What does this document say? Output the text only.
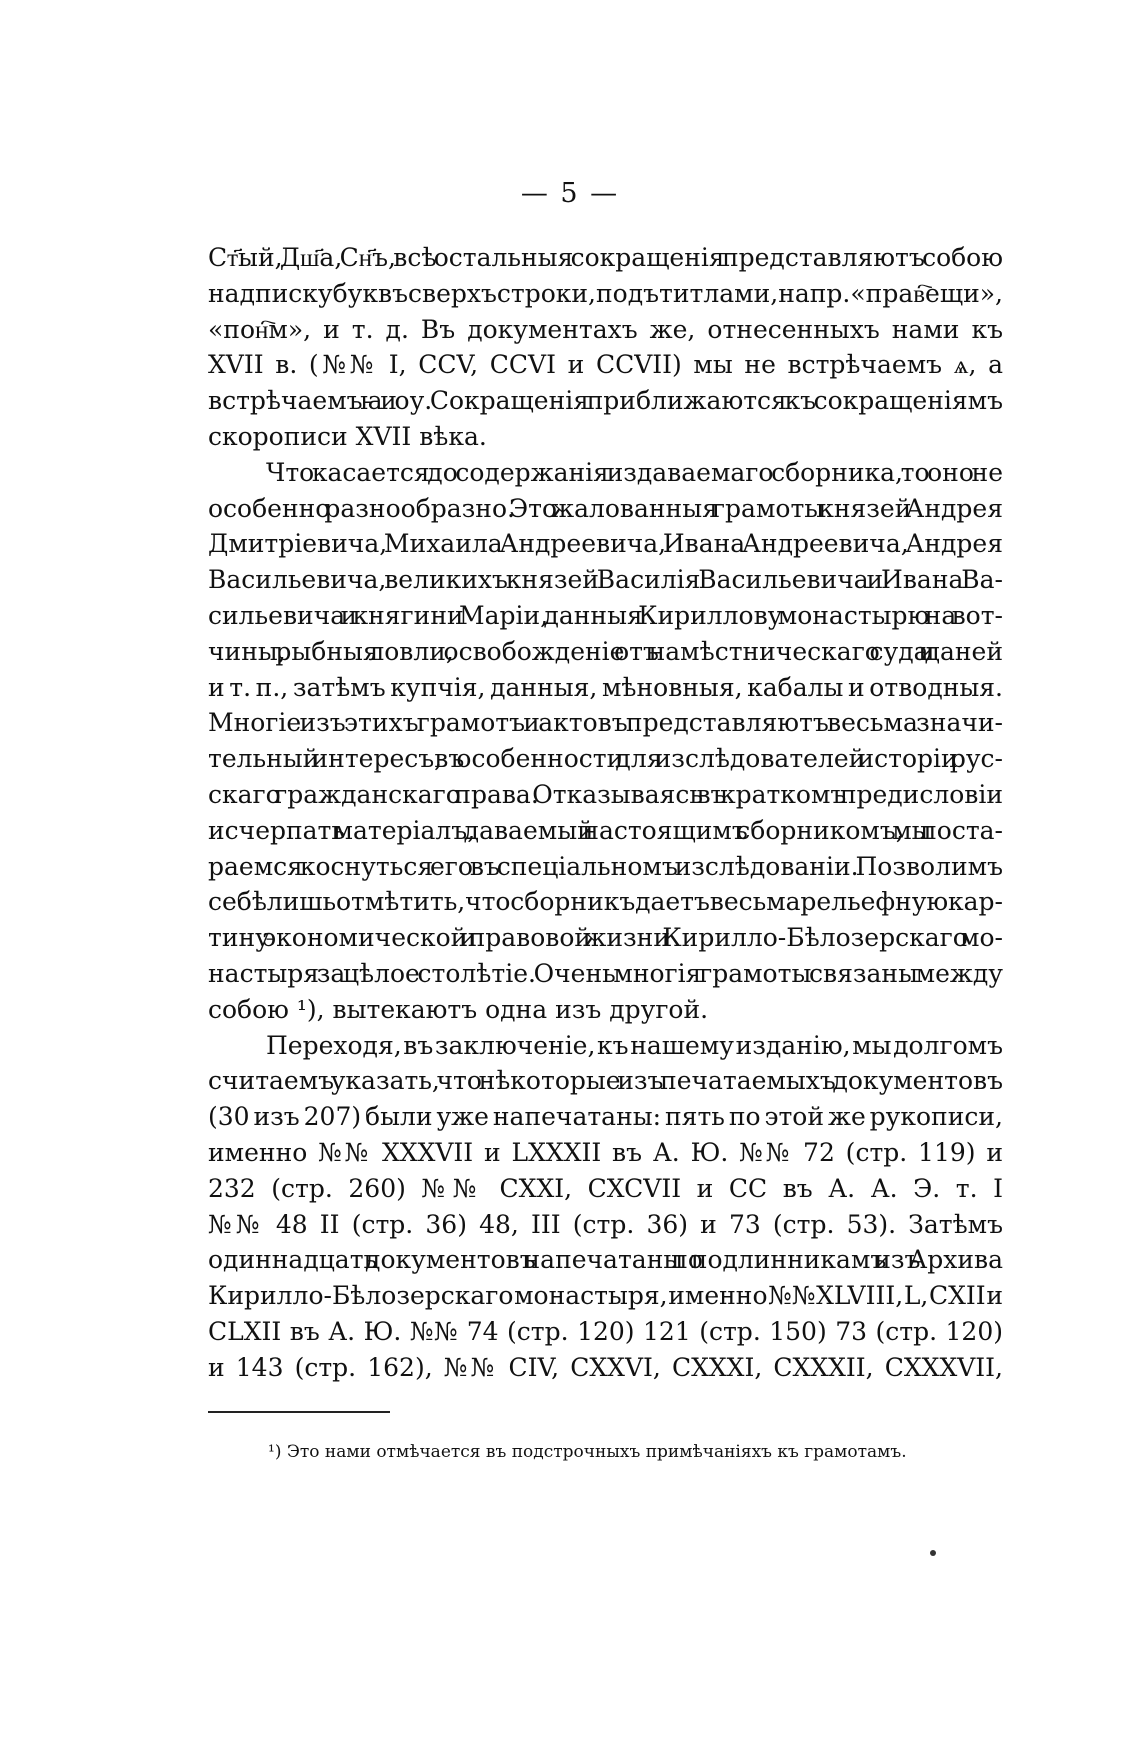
— 5 —
Ст҃ый, Дш҃а, Сн҃ъ, всѣ остальныя сокращенія представляютъ собою
надписку буквъ сверхъ строки, подъ титлами, напр. «прав҇ещи»,
«пон҇м», и т. д. Въ документахъ же, отнесенныхъ нами къ
XVII в. (№№ I, CCV, CCVI и CCVII) мы не встрѣчаемъ ѧ, а
встрѣчаемъ ꙗ и оу. Сокращенія приближаются къ сокращеніямъ
скорописи XVII вѣка.
Что касается до содержанія издаваемаго сборника, то оно не
особенно разнообразно. Это жалованныя грамоты князей Андрея
Дмитріевича, Михаила Андреевича, Ивана Андреевича, Андрея
Васильевича, великихъ князей Василія Васильевича и Ивана Ва-
сильевича и княгини Маріи, данныя Кириллову монастырю на вот-
чины, рыбныя ловли, освобожденіе отъ намѣстническаго суда и даней
и т. п., затѣмъ купчія, данныя, мѣновныя, кабалы и отводныя.
Многіе изъ этихъ грамотъ и актовъ представляютъ весьма значи-
тельный интересъ, въ особенности для изслѣдователей исторіи рус-
скаго гражданскаго права. Отказываясь въ краткомъ предисловіи
исчерпать матеріалъ, даваемый настоящимъ сборникомъ, мы поста-
раемся коснуться его въ спеціальномъ изслѣдованіи. Позволимъ
себѣ лишь отмѣтить, что сборникъ даетъ весьма рельефную кар-
тину экономической и правовой жизни Кирилло-Бѣлозерскаго мо-
настыря за цѣлое столѣтіе. Очень многія грамоты связаны между
собою ¹), вытекаютъ одна изъ другой.
Переходя, въ заключеніе, къ нашему изданію, мы долгомъ
считаемъ указать, что нѣкоторые изъ печатаемыхъ документовъ
(30 изъ 207) были уже напечатаны: пять по этой же рукописи,
именно №№ XXXVII и LXXXII въ А. Ю. №№ 72 (стр. 119) и
232 (стр. 260) №№ CXXI, CXCVII и CC въ А. А. Э. т. I
№№ 48 II (стр. 36) 48, III (стр. 36) и 73 (стр. 53). Затѣмъ
одиннадцать документовъ напечатаны по подлинникамъ изъ Архива
Кирилло-Бѣлозерскаго монастыря, именно №№ XLVIII, L, CXII и
CLXII въ А. Ю. №№ 74 (стр. 120) 121 (стр. 150) 73 (стр. 120)
и 143 (стр. 162), №№ CIV, CXXVI, CXXXI, CXXXII, CXXXVII,
¹) Это нами отмѣчается въ подстрочныхъ примѣчаніяхъ къ грамотамъ.
